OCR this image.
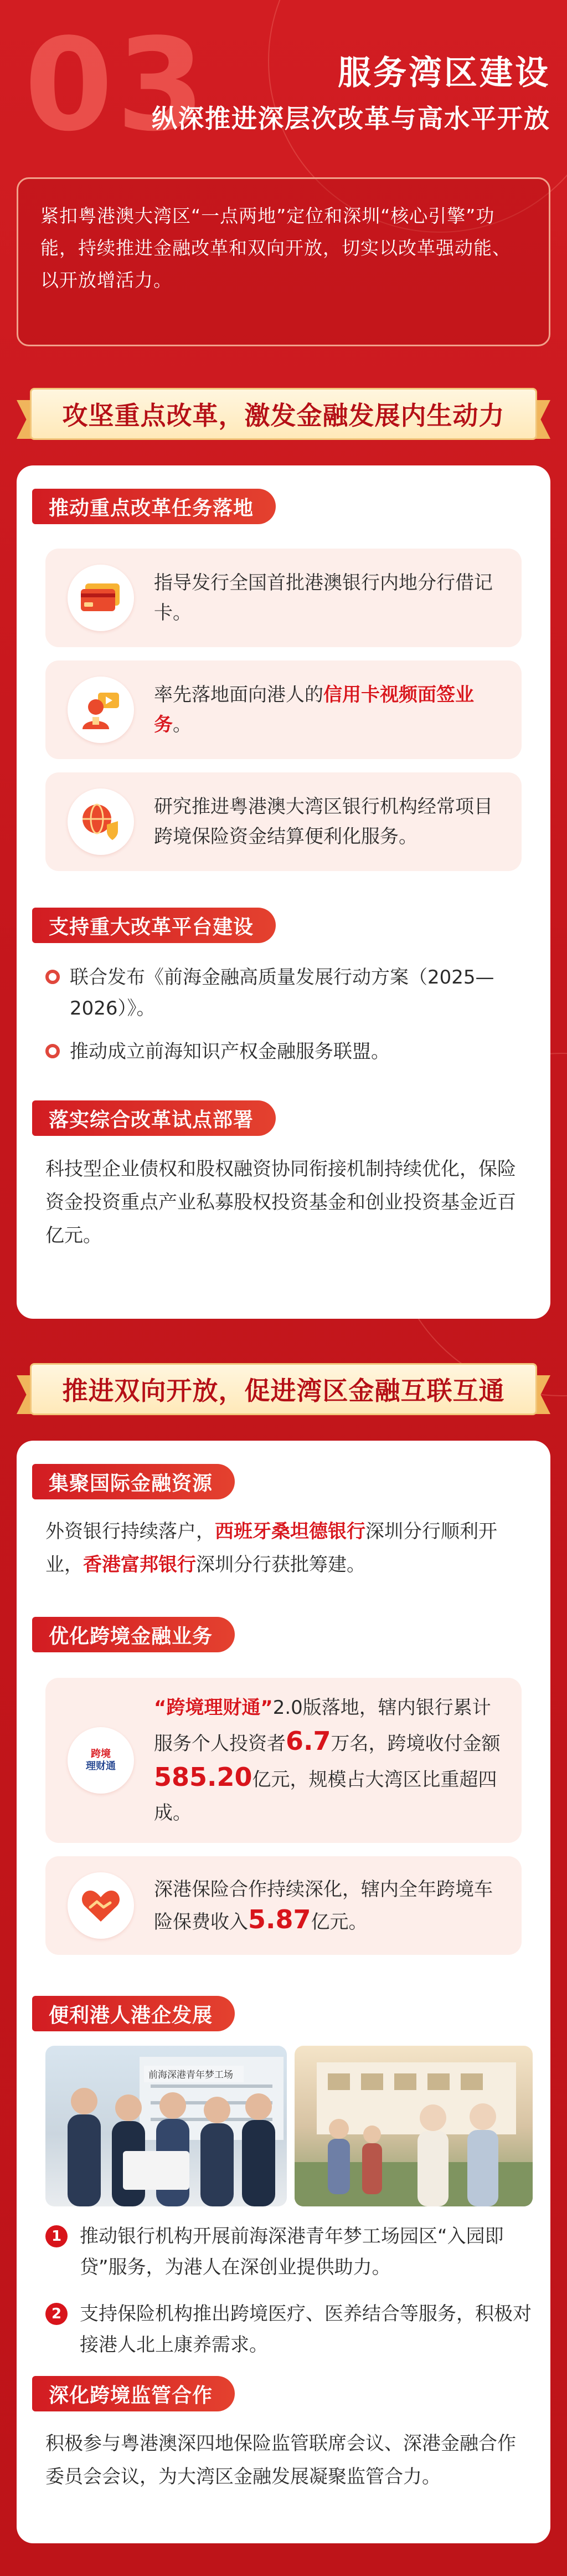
03	服务湾区建设
纵深推进深层次改革与高水平开放

紧扣粤港澳大湾区“一点两地”定位和深圳“核心引擎”功能，持续推进金融改革和双向开放，切实以改革强动能、以开放增活力。

攻坚重点改革，激发金融发展内生动力
推动重点改革任务落地
指导发行全国首批港澳银行内地分行借记卡。
率先落地面向港人的信用卡视频面签业务。
研究推进粤港澳大湾区银行机构经常项目跨境保险资金结算便利化服务。
支持重大改革平台建设
联合发布《前海金融高质量发展行动方案（2025—2026）》。
推动成立前海知识产权金融服务联盟。
落实综合改革试点部署

科技型企业债权和股权融资协同衔接机制持续优化，保险资金投资重点产业私募股权投资基金和创业投资基金近百亿元。

推进双向开放，促进湾区金融互联互通
集聚国际金融资源

外资银行持续落户，西班牙桑坦德银行深圳分行顺利开业，香港富邦银行深圳分行获批筹建。

优化跨境金融业务
跨境
理财通
“跨境理财通”2.0版落地，辖内银行累计服务个人投资者6.7万名，跨境收付金额585.20亿元，规模占大湾区比重超四成。
深港保险合作持续深化，辖内全年跨境车险保费收入5.87亿元。
便利港人港企发展
前海深港青年梦工场
1 推动银行机构开展前海深港青年梦工场园区“入园即贷”服务，为港人在深创业提供助力。
2 支持保险机构推出跨境医疗、医养结合等服务，积极对接港人北上康养需求。
深化跨境监管合作

积极参与粤港澳深四地保险监管联席会议、深港金融合作委员会会议，为大湾区金融发展凝聚监管合力。
